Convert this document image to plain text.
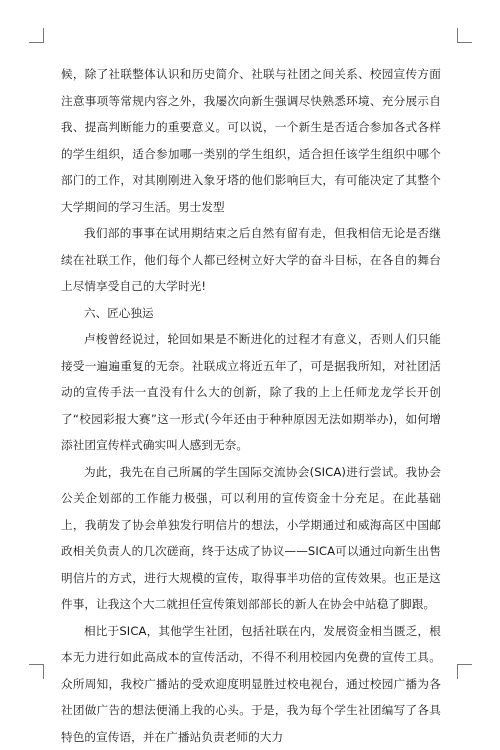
候，除了社联整体认识和历史简介、社联与社团之间关系、校园宣传方面注意事项等常规内容之外，我屡次向新生强调尽快熟悉环境、充分展示自我、提高判断能力的重要意义。可以说，一个新生是否适合参加各式各样的学生组织，适合参加哪一类别的学生组织，适合担任该学生组织中哪个部门的工作，对其刚刚进入象牙塔的他们影响巨大，有可能决定了其整个大学期间的学习生活。男士发型

我们部的事事在试用期结束之后自然有留有走，但我相信无论是否继续在社联工作，他们每个人都已经树立好大学的奋斗目标，在各自的舞台上尽情享受自己的大学时光!

六、匠心独运

卢梭曾经说过，轮回如果是不断进化的过程才有意义，否则人们只能接受一遍遍重复的无奈。社联成立将近五年了，可是据我所知，对社团活动的宣传手法一直没有什么大的创新，除了我的上上任师龙龙学长开创了“校园彩报大赛”这一形式(今年还由于种种原因无法如期举办)，如何增添社团宣传样式确实叫人感到无奈。

为此，我先在自己所属的学生国际交流协会(SICA)进行尝试。我协会公关企划部的工作能力极强，可以利用的宣传资金十分充足。在此基础上，我萌发了协会单独发行明信片的想法，小学期通过和威海高区中国邮政相关负责人的几次磋商，终于达成了协议——SICA可以通过向新生出售明信片的方式，进行大规模的宣传，取得事半功倍的宣传效果。也正是这件事，让我这个大二就担任宣传策划部部长的新人在协会中站稳了脚跟。

相比于SICA，其他学生社团，包括社联在内，发展资金相当匮乏，根本无力进行如此高成本的宣传活动，不得不利用校园内免费的宣传工具。众所周知，我校广播站的受欢迎度明显胜过校电视台，通过校园广播为各社团做广告的想法便涌上我的心头。于是，我为每个学生社团编写了各具特色的宣传语，并在广播站负责老师的大力
